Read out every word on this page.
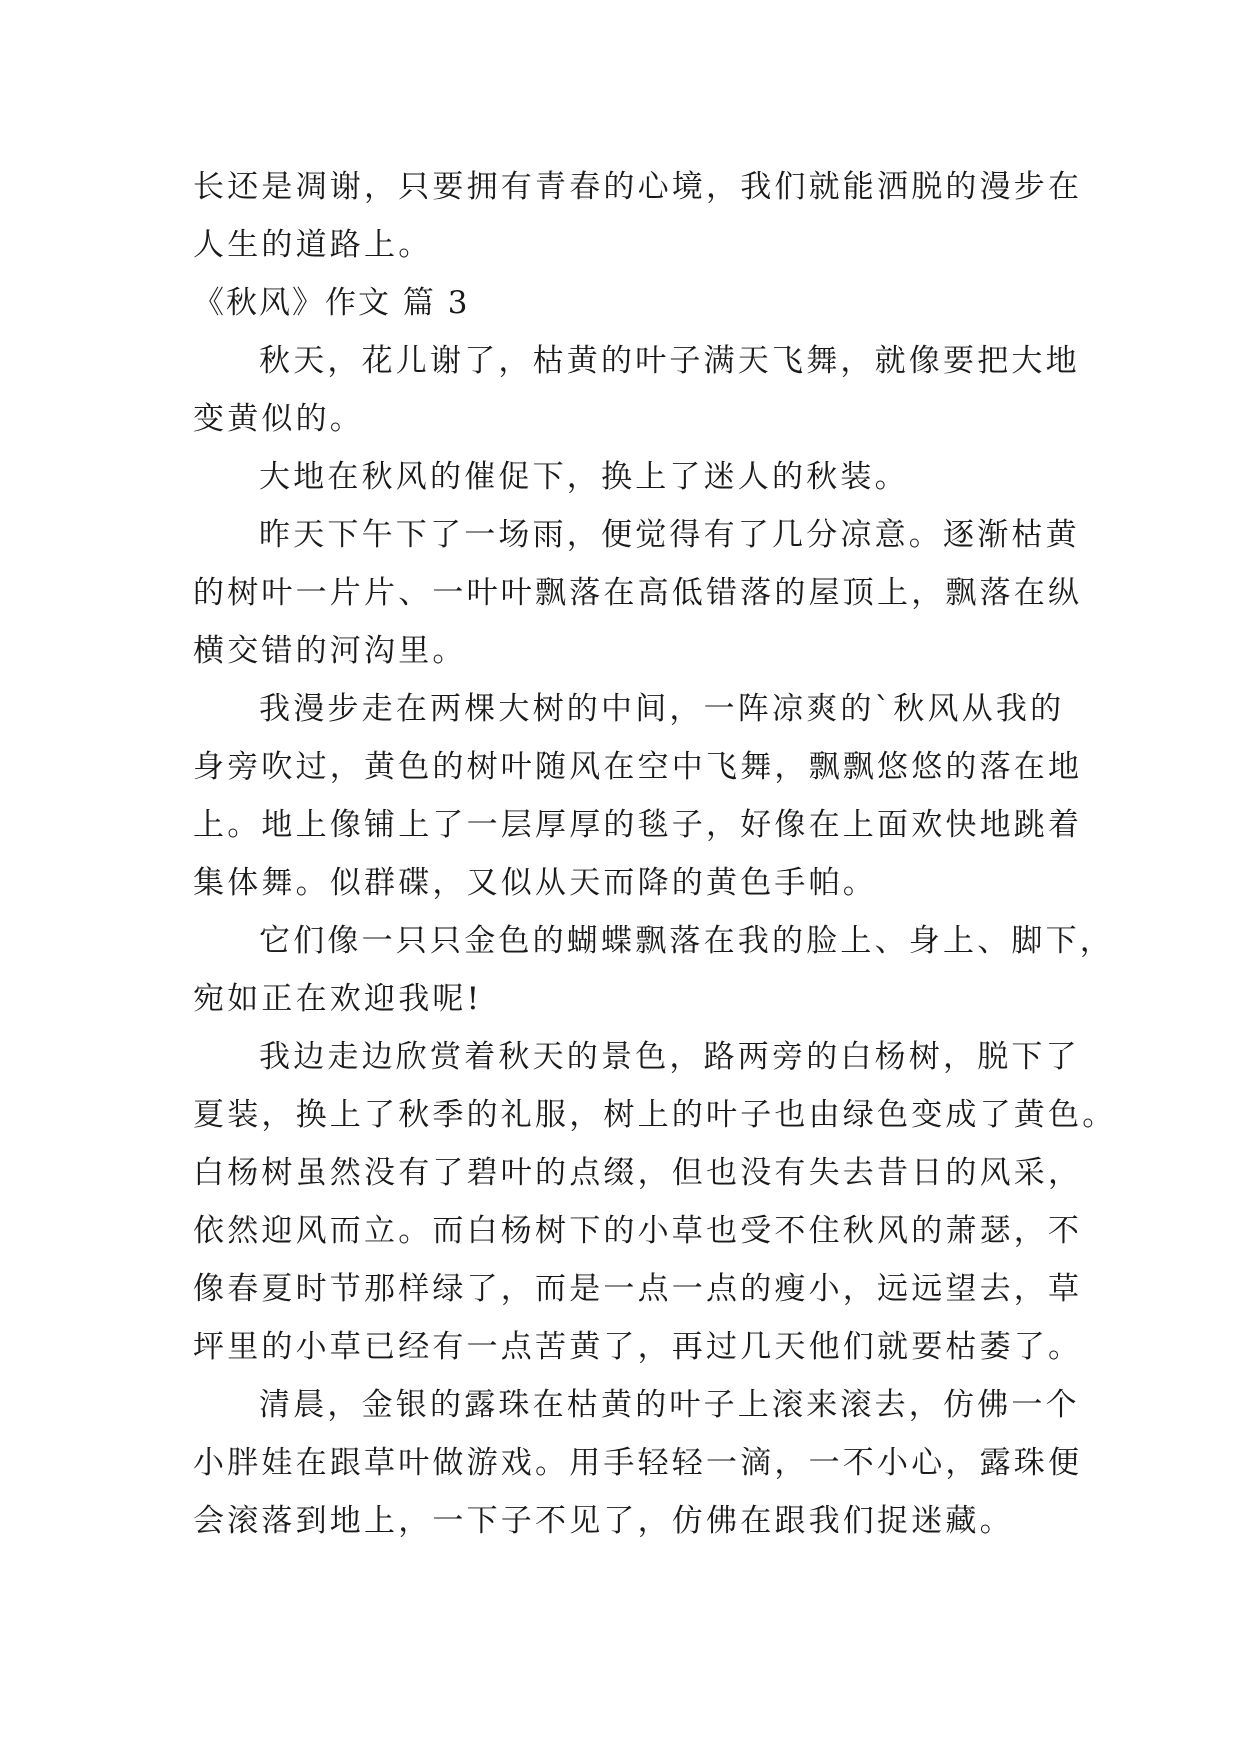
长还是凋谢，只要拥有青春的心境，我们就能洒脱的漫步在
人生的道路上。
《秋风》作文 篇 3
秋天，花儿谢了，枯黄的叶子满天飞舞，就像要把大地
变黄似的。
大地在秋风的催促下，换上了迷人的秋装。
昨天下午下了一场雨，便觉得有了几分凉意。逐渐枯黄
的树叶一片片、一叶叶飘落在高低错落的屋顶上，飘落在纵
横交错的河沟里。
我漫步走在两棵大树的中间，一阵凉爽的`秋风从我的
身旁吹过，黄色的树叶随风在空中飞舞，飘飘悠悠的落在地
上。地上像铺上了一层厚厚的毯子，好像在上面欢快地跳着
集体舞。似群碟，又似从天而降的黄色手帕。
它们像一只只金色的蝴蝶飘落在我的脸上、身上、脚下，
宛如正在欢迎我呢!
我边走边欣赏着秋天的景色，路两旁的白杨树，脱下了
夏装，换上了秋季的礼服，树上的叶子也由绿色变成了黄色。
白杨树虽然没有了碧叶的点缀，但也没有失去昔日的风采，
依然迎风而立。而白杨树下的小草也受不住秋风的萧瑟，不
像春夏时节那样绿了，而是一点一点的瘦小，远远望去，草
坪里的小草已经有一点苦黄了，再过几天他们就要枯萎了。
清晨，金银的露珠在枯黄的叶子上滚来滚去，仿佛一个
小胖娃在跟草叶做游戏。用手轻轻一滴，一不小心，露珠便
会滚落到地上，一下子不见了，仿佛在跟我们捉迷藏。
